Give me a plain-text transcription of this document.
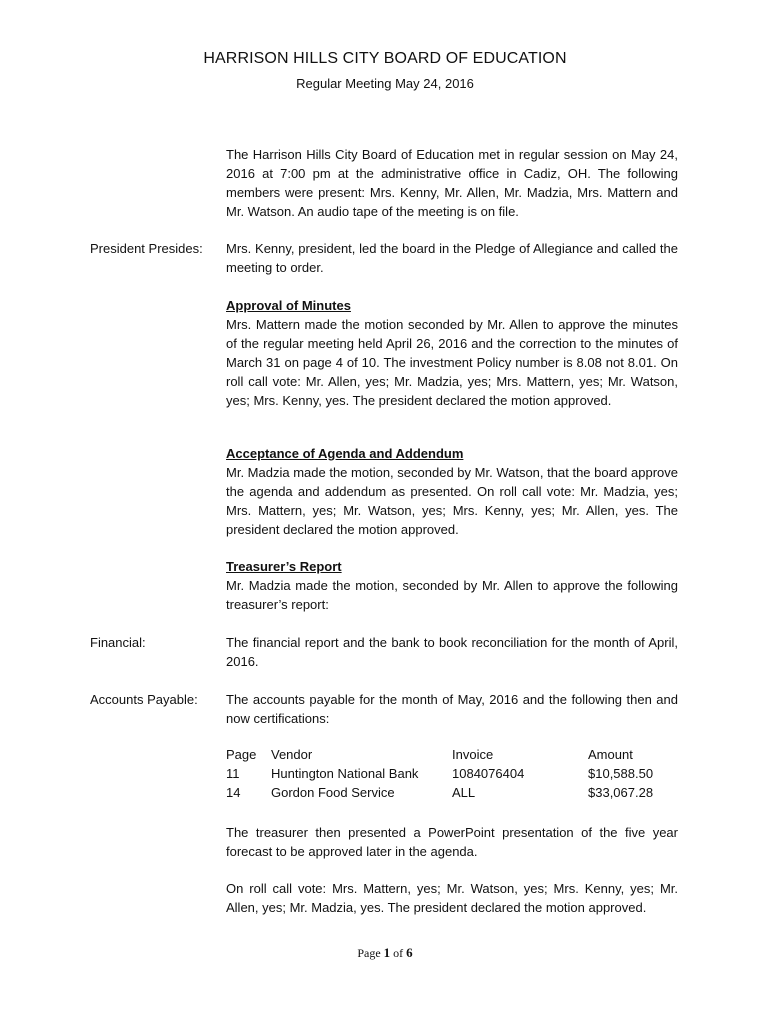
HARRISON HILLS CITY BOARD OF EDUCATION
Regular Meeting May 24, 2016
The Harrison Hills City Board of Education met in regular session on May 24, 2016 at 7:00 pm at the administrative office in Cadiz, OH. The following members were present: Mrs. Kenny, Mr. Allen, Mr. Madzia, Mrs. Mattern and Mr. Watson. An audio tape of the meeting is on file.
President Presides: Mrs. Kenny, president, led the board in the Pledge of Allegiance and called the meeting to order.
Approval of Minutes
Mrs. Mattern made the motion seconded by Mr. Allen to approve the minutes of the regular meeting held April 26, 2016 and the correction to the minutes of March 31 on page 4 of 10. The investment Policy number is 8.08 not 8.01. On roll call vote: Mr. Allen, yes; Mr. Madzia, yes; Mrs. Mattern, yes; Mr. Watson, yes; Mrs. Kenny, yes. The president declared the motion approved.
Acceptance of Agenda and Addendum
Mr. Madzia made the motion, seconded by Mr. Watson, that the board approve the agenda and addendum as presented. On roll call vote: Mr. Madzia, yes; Mrs. Mattern, yes; Mr. Watson, yes; Mrs. Kenny, yes; Mr. Allen, yes. The president declared the motion approved.
Treasurer’s Report
Mr. Madzia made the motion, seconded by Mr. Allen to approve the following treasurer’s report:
Financial:	The financial report and the bank to book reconciliation for the month of April, 2016.
Accounts Payable: The accounts payable for the month of May, 2016 and the following then and now certifications:
Page	Vendor	Invoice	Amount
11	Huntington National Bank	1084076404	$10,588.50
14	Gordon Food Service	ALL	$33,067.28
The treasurer then presented a PowerPoint presentation of the five year forecast to be approved later in the agenda.
On roll call vote: Mrs. Mattern, yes; Mr. Watson, yes; Mrs. Kenny, yes; Mr. Allen, yes; Mr. Madzia, yes. The president declared the motion approved.
Page 1 of 6
